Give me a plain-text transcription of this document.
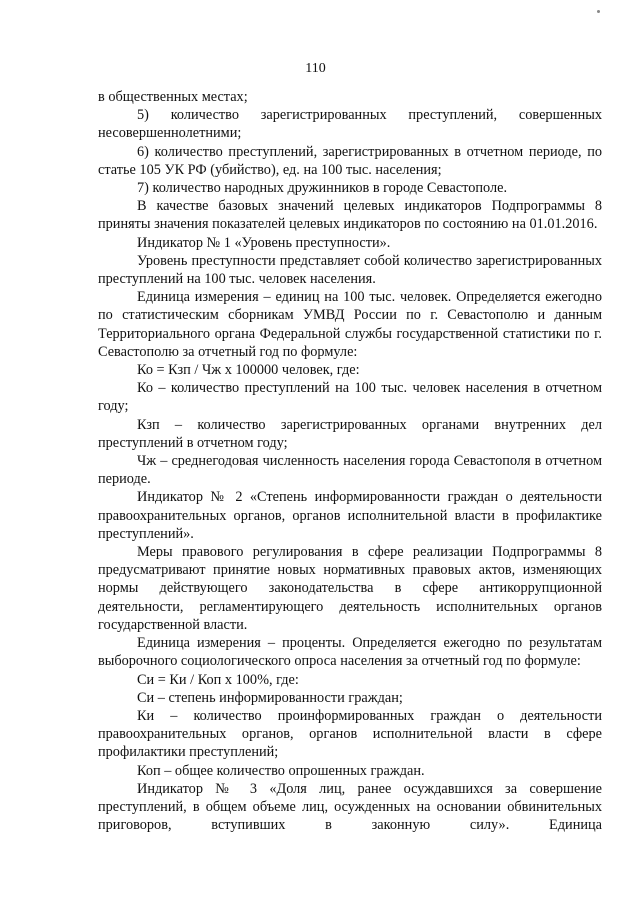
110

в общественных местах;

5) количество зарегистрированных преступлений, совершенных несовершеннолетними;

6) количество преступлений, зарегистрированных в отчетном периоде, по статье 105 УК РФ (убийство), ед. на 100 тыс. населения;

7) количество народных дружинников в городе Севастополе.

В качестве базовых значений целевых индикаторов Подпрограммы 8 приняты значения показателей целевых индикаторов по состоянию на 01.01.2016.

Индикатор № 1 «Уровень преступности».

Уровень преступности представляет собой количество зарегистрированных преступлений на 100 тыс. человек населения.

Единица измерения – единиц на 100 тыс. человек. Определяется ежегодно по статистическим сборникам УМВД России по г. Севастополю и данным Территориального органа Федеральной службы государственной статистики по г. Севастополю за отчетный год по формуле:

Ко = Кзп / Чж х 100000 человек, где:

Ко – количество преступлений на 100 тыс. человек населения в отчетном году;

Кзп – количество зарегистрированных органами внутренних дел преступлений в отчетном году;

Чж – среднегодовая численность населения города Севастополя в отчетном периоде.

Индикатор № 2 «Степень информированности граждан о деятельности правоохранительных органов, органов исполнительной власти в профилактике преступлений».

Меры правового регулирования в сфере реализации Подпрограммы 8 предусматривают принятие новых нормативных правовых актов, изменяющих нормы действующего законодательства в сфере антикоррупционной деятельности, регламентирующего деятельность исполнительных органов государственной власти.

Единица измерения – проценты. Определяется ежегодно по результатам выборочного социологического опроса населения за отчетный год по формуле:

Си = Ки / Коп х 100%, где:

Си – степень информированности граждан;

Ки – количество проинформированных граждан о деятельности правоохранительных органов, органов исполнительной власти в сфере профилактики преступлений;

Коп – общее количество опрошенных граждан.

Индикатор № 3 «Доля лиц, ранее осуждавшихся за совершение преступлений, в общем объеме лиц, осужденных на основании обвинительных приговоров, вступивших в законную силу». Единица
